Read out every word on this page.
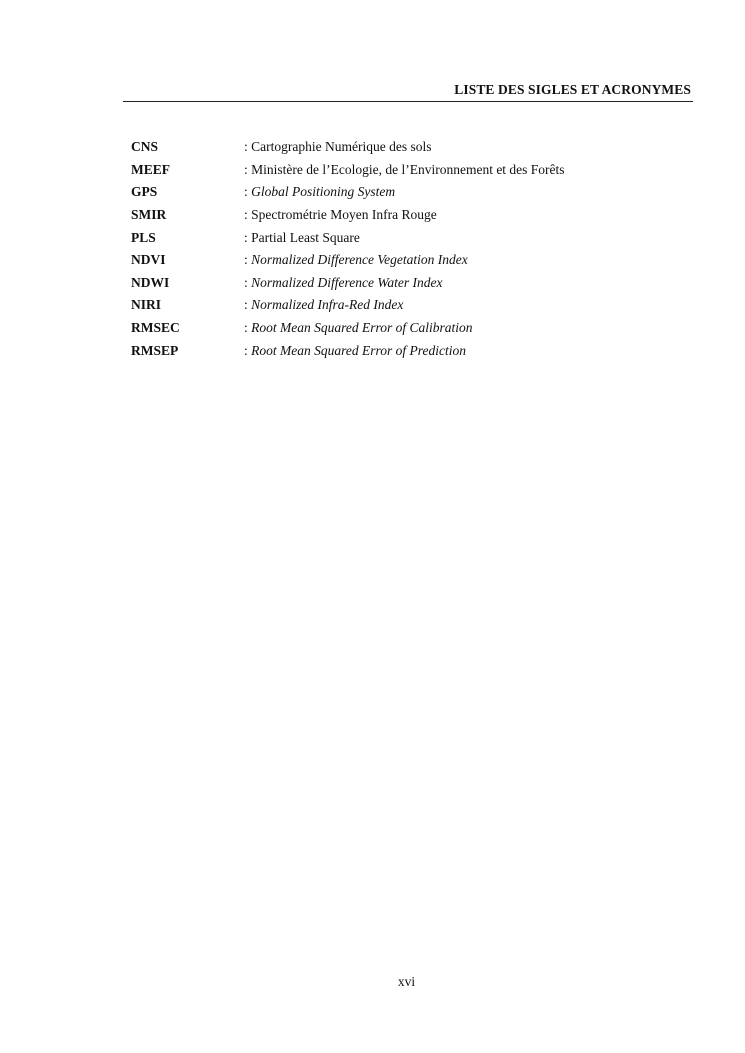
LISTE DES SIGLES ET ACRONYMES
CNS	: Cartographie Numérique des sols
MEEF	: Ministère de l’Ecologie, de l’Environnement et des Forêts
GPS	: Global Positioning System
SMIR	: Spectrométrie Moyen Infra Rouge
PLS	: Partial Least Square
NDVI	: Normalized Difference Vegetation Index
NDWI	: Normalized Difference Water Index
NIRI	: Normalized Infra-Red Index
RMSEC	: Root Mean Squared Error of Calibration
RMSEP	: Root Mean Squared Error of Prediction
xvi
